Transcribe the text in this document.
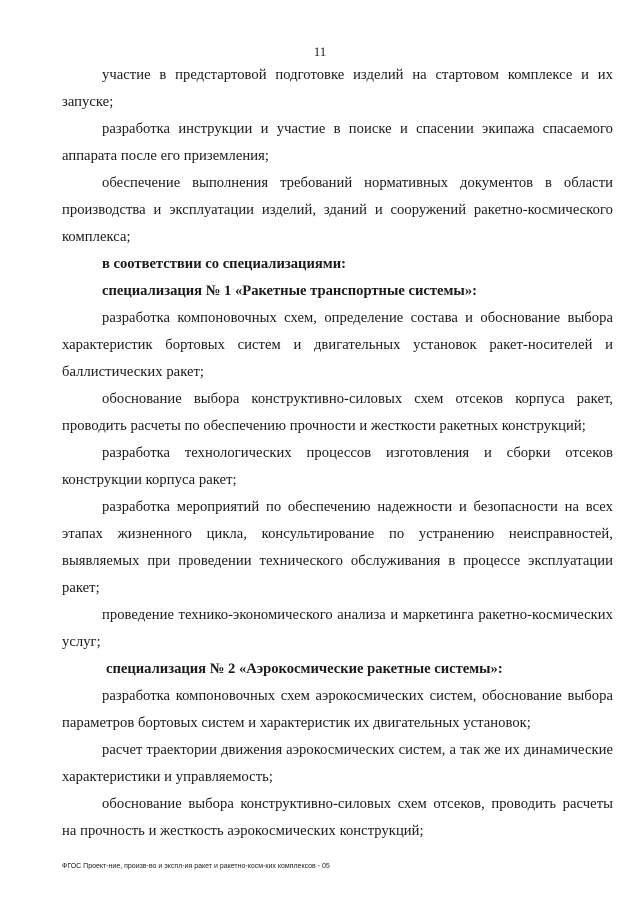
11
участие в предстартовой подготовке изделий на стартовом комплексе и их запуске;
разработка инструкции и участие в поиске и спасении экипажа спасаемого аппарата после его приземления;
обеспечение выполнения требований нормативных документов в области производства и эксплуатации изделий, зданий и сооружений ракетно-космического комплекса;
в соответствии со специализациями:
специализация № 1 «Ракетные транспортные системы»:
разработка компоновочных схем, определение состава и обоснование выбора характеристик бортовых систем и двигательных установок ракет-носителей и баллистических ракет;
обоснование выбора конструктивно-силовых схем отсеков корпуса ракет, проводить расчеты по обеспечению прочности и жесткости ракетных конструкций;
разработка технологических процессов изготовления и сборки отсеков конструкции корпуса ракет;
разработка мероприятий по обеспечению надежности и безопасности на всех этапах жизненного цикла, консультирование по устранению неисправностей, выявляемых при проведении технического обслуживания в процессе эксплуатации ракет;
проведение технико-экономического анализа и маркетинга ракетно-космических услуг;
специализация № 2 «Аэрокосмические ракетные системы»:
разработка компоновочных схем аэрокосмических систем, обоснование выбора параметров бортовых систем и характеристик их двигательных установок;
расчет траектории движения аэрокосмических систем, а так же их динамические характеристики и управляемость;
обоснование выбора конструктивно-силовых схем отсеков, проводить расчеты на прочность и жесткость аэрокосмических конструкций;
ФГОС Проект-ние, произв-во и экспл-ия ракет и ракетно-косм-ких комплексов - 05
